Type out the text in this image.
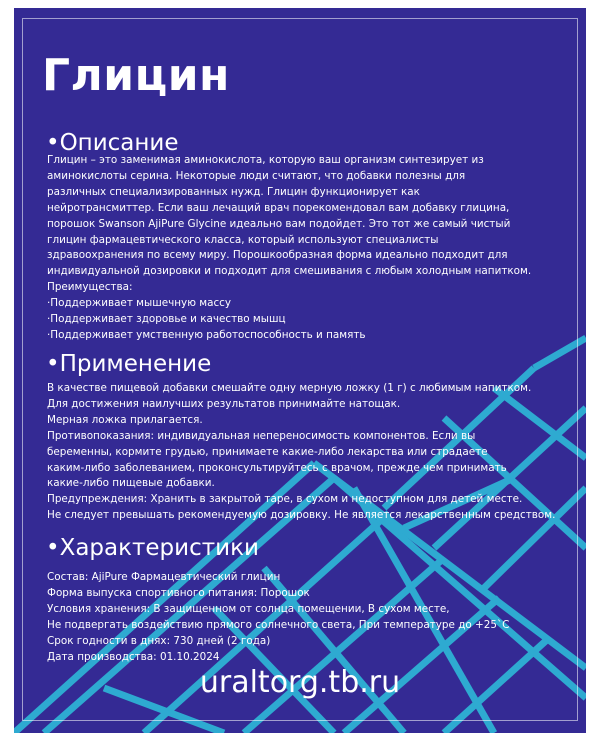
Глицин
•Описание
Глицин – это заменимая аминокислота, которую ваш организм синтезирует из
аминокислоты серина. Некоторые люди считают, что добавки полезны для
различных специализированных нужд. Глицин функционирует как
нейротрансмиттер. Если ваш лечащий врач порекомендовал вам добавку глицина,
порошок Swanson AjiPure Glycine идеально вам подойдет. Это тот же самый чистый
глицин фармацевтического класса, который используют специалисты
здравоохранения по всему миру. Порошкообразная форма идеально подходит для
индивидуальной дозировки и подходит для смешивания с любым холодным напитком.
Преимущества:
·Поддерживает мышечную массу
·Поддерживает здоровье и качество мышц
·Поддерживает умственную работоспособность и память
•Применение
В качестве пищевой добавки смешайте одну мерную ложку (1 г) с любимым напитком.
Для достижения наилучших результатов принимайте натощак.
Мерная ложка прилагается.
Противопоказания: индивидуальная непереносимость компонентов. Если вы
беременны, кормите грудью, принимаете какие-либо лекарства или страдаете
каким-либо заболеванием, проконсультируйтесь с врачом, прежде чем принимать
какие-либо пищевые добавки.
Предупреждения: Хранить в закрытой таре, в сухом и недоступном для детей месте.
Не следует превышать рекомендуемую дозировку. Не является лекарственным средством.
•Характеристики
Состав: AjiPure Фармацевтический глицин
Форма выпуска спортивного питания: Порошок
Условия хранения: В защищенном от солнца помещении, В сухом месте,
Не подвергать воздействию прямого солнечного света, При температуре до +25`С
Срок годности в днях: 730 дней (2 года)
Дата производства: 01.10.2024
uraltorg.tb.ru
